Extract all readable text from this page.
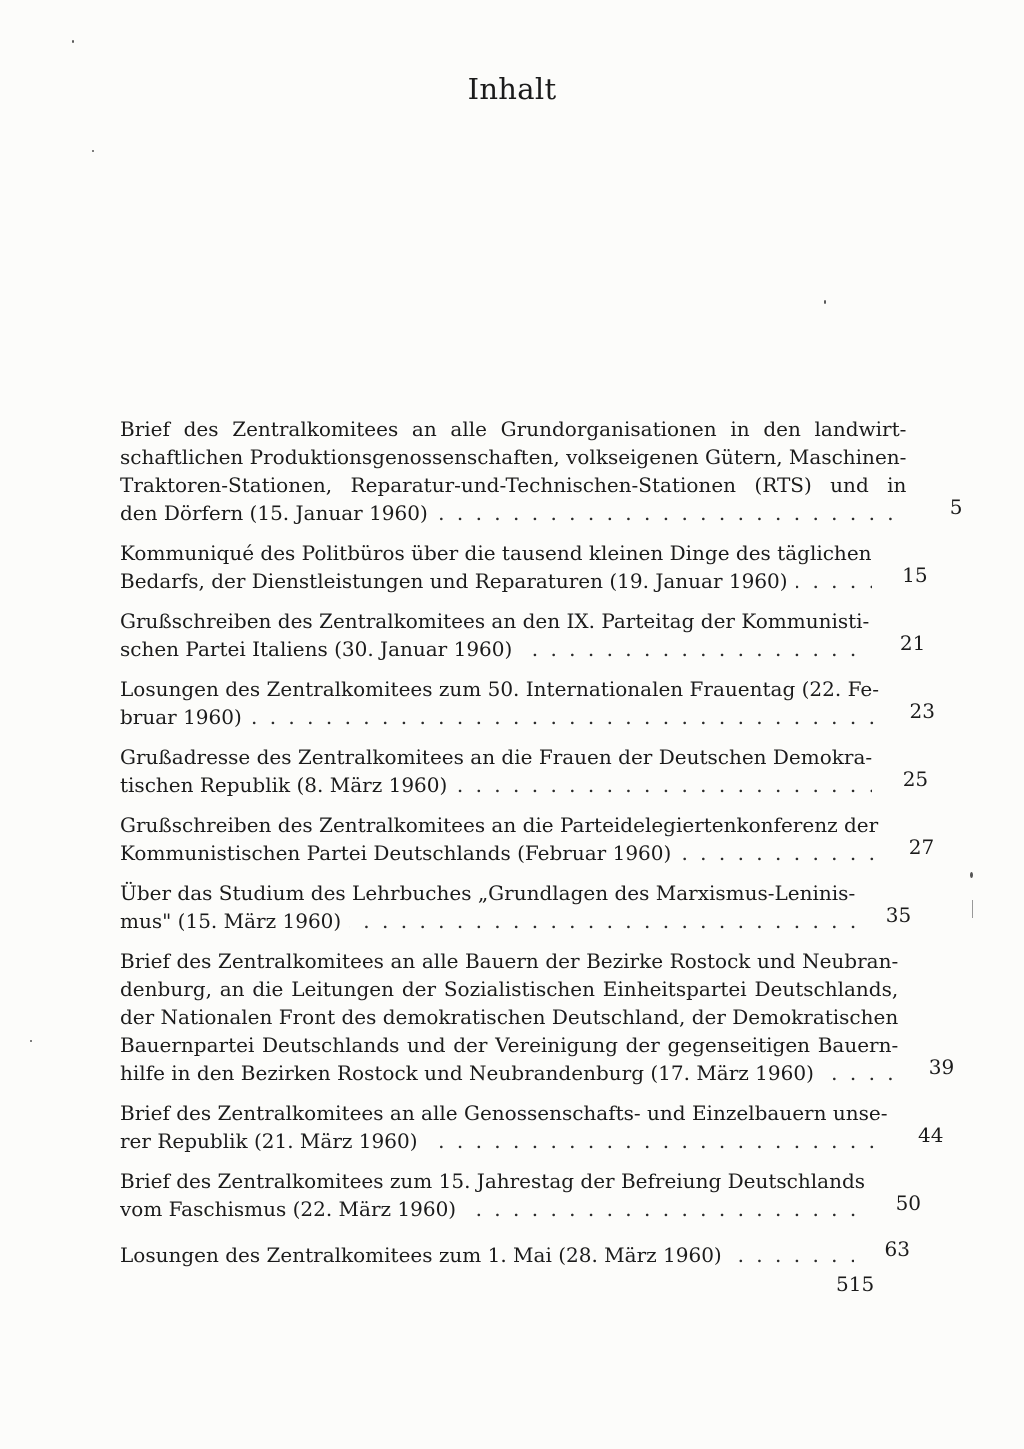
Inhalt

Brief des Zentralkomitees an alle Grundorganisationen in den landwirt-
schaftlichen Produktionsgenossenschaften, volkseigenen Gütern, Maschinen-
Traktoren-Stationen, Reparatur-und-Technischen-Stationen (RTS) und in
den Dörfern (15. Januar 1960) . . .	5

Kommuniqué des Politbüros über die tausend kleinen Dinge des täglichen
Bedarfs, der Dienstleistungen und Reparaturen (19. Januar 1960) . . .	15

Grußschreiben des Zentralkomitees an den IX. Parteitag der Kommunisti-
schen Partei Italiens (30. Januar 1960) . . .	21

Losungen des Zentralkomitees zum 50. Internationalen Frauentag (22. Fe-
bruar 1960) . . .	23

Grußadresse des Zentralkomitees an die Frauen der Deutschen Demokra-
tischen Republik (8. März 1960) . . .	25

Grußschreiben des Zentralkomitees an die Parteidelegiertenkonferenz der
Kommunistischen Partei Deutschlands (Februar 1960) . . .	27

Über das Studium des Lehrbuches „Grundlagen des Marxismus-Leninis-
mus" (15. März 1960) . . .	35

Brief des Zentralkomitees an alle Bauern der Bezirke Rostock und Neubran-
denburg, an die Leitungen der Sozialistischen Einheitspartei Deutschlands,
der Nationalen Front des demokratischen Deutschland, der Demokratischen
Bauernpartei Deutschlands und der Vereinigung der gegenseitigen Bauern-
hilfe in den Bezirken Rostock und Neubrandenburg (17. März 1960) . . .	39

Brief des Zentralkomitees an alle Genossenschafts- und Einzelbauern unse-
rer Republik (21. März 1960) . . .	44

Brief des Zentralkomitees zum 15. Jahrestag der Befreiung Deutschlands
vom Faschismus (22. März 1960) . . .	50

Losungen des Zentralkomitees zum 1. Mai (28. März 1960) . . .	63
515
